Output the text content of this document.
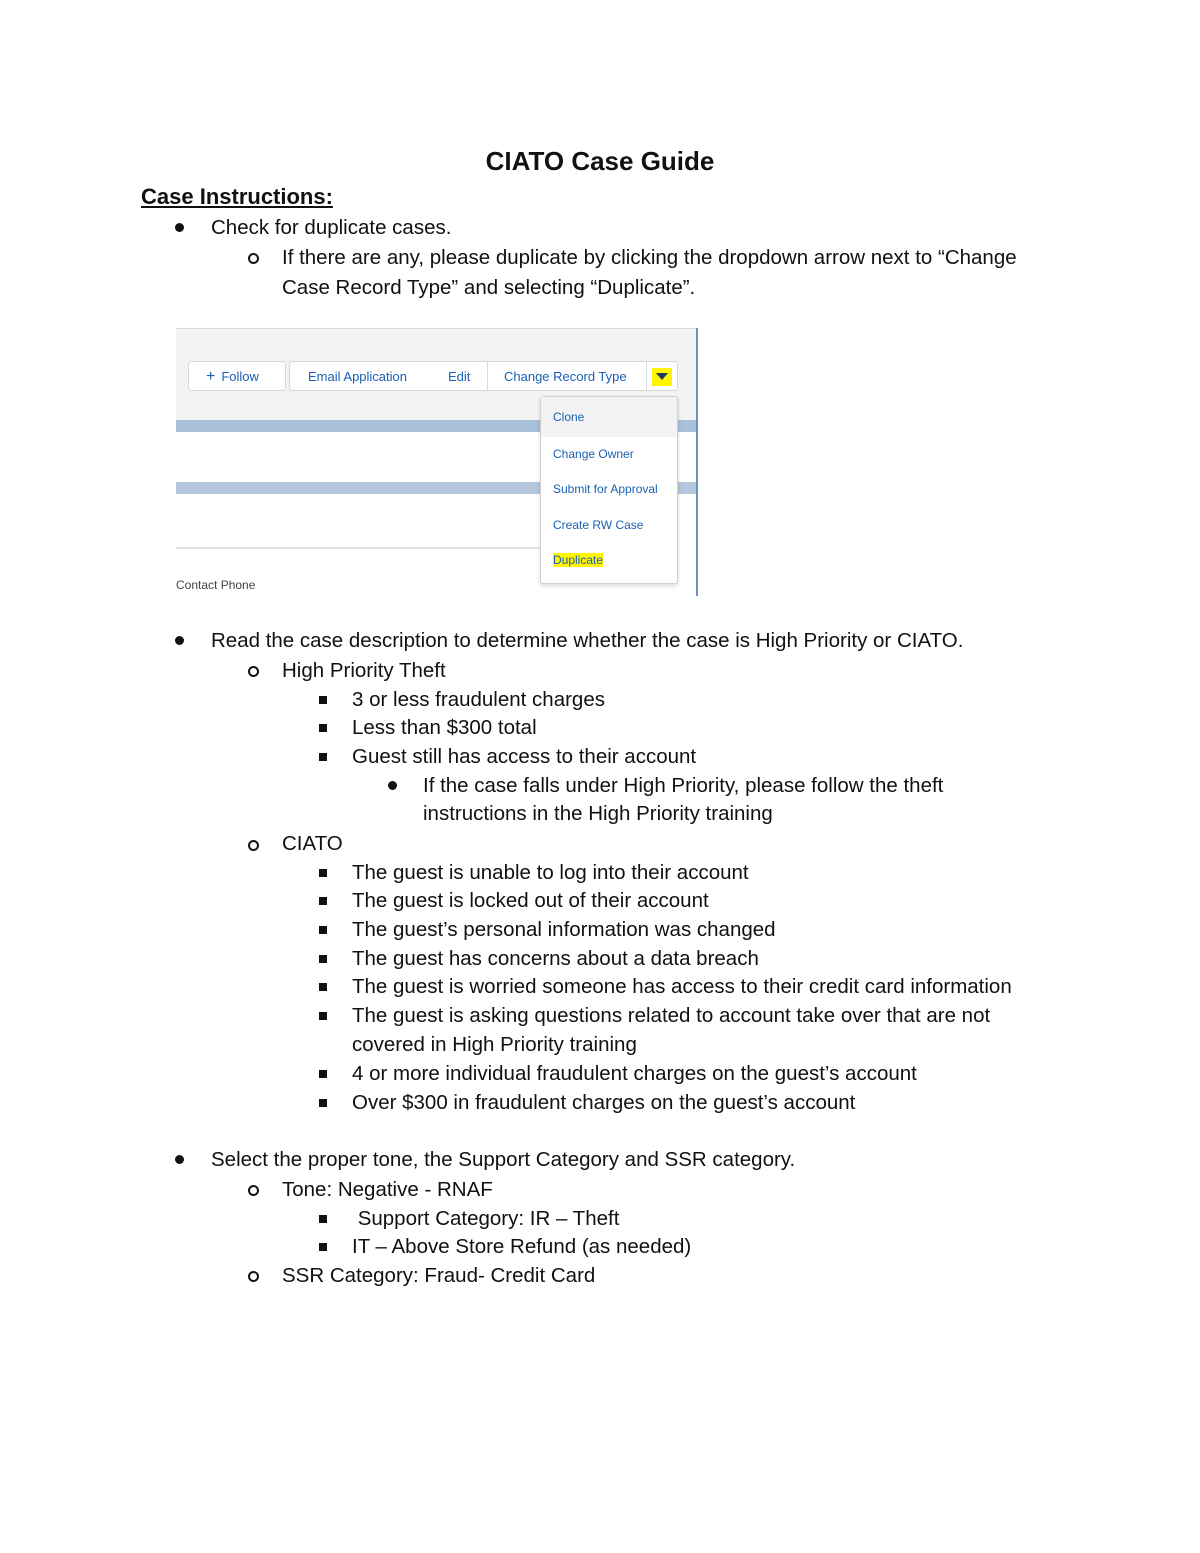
CIATO Case Guide
Case Instructions:
Check for duplicate cases.
If there are any, please duplicate by clicking the dropdown arrow next to “Change
Case Record Type” and selecting “Duplicate”.
+ Follow	Email Application	Edit	Change Record Type
Contact Phone
Clone
Change Owner
Submit for Approval
Create RW Case
Duplicate
Read the case description to determine whether the case is High Priority or CIATO.
High Priority Theft
3 or less fraudulent charges
Less than $300 total
Guest still has access to their account
If the case falls under High Priority, please follow the theft
instructions in the High Priority training
CIATO
The guest is unable to log into their account
The guest is locked out of their account
The guest’s personal information was changed
The guest has concerns about a data breach
The guest is worried someone has access to their credit card information
The guest is asking questions related to account take over that are not
covered in High Priority training
4 or more individual fraudulent charges on the guest’s account
Over $300 in fraudulent charges on the guest’s account
Select the proper tone, the Support Category and SSR category.
Tone: Negative - RNAF
Support Category: IR – Theft
IT – Above Store Refund (as needed)
SSR Category: Fraud- Credit Card
